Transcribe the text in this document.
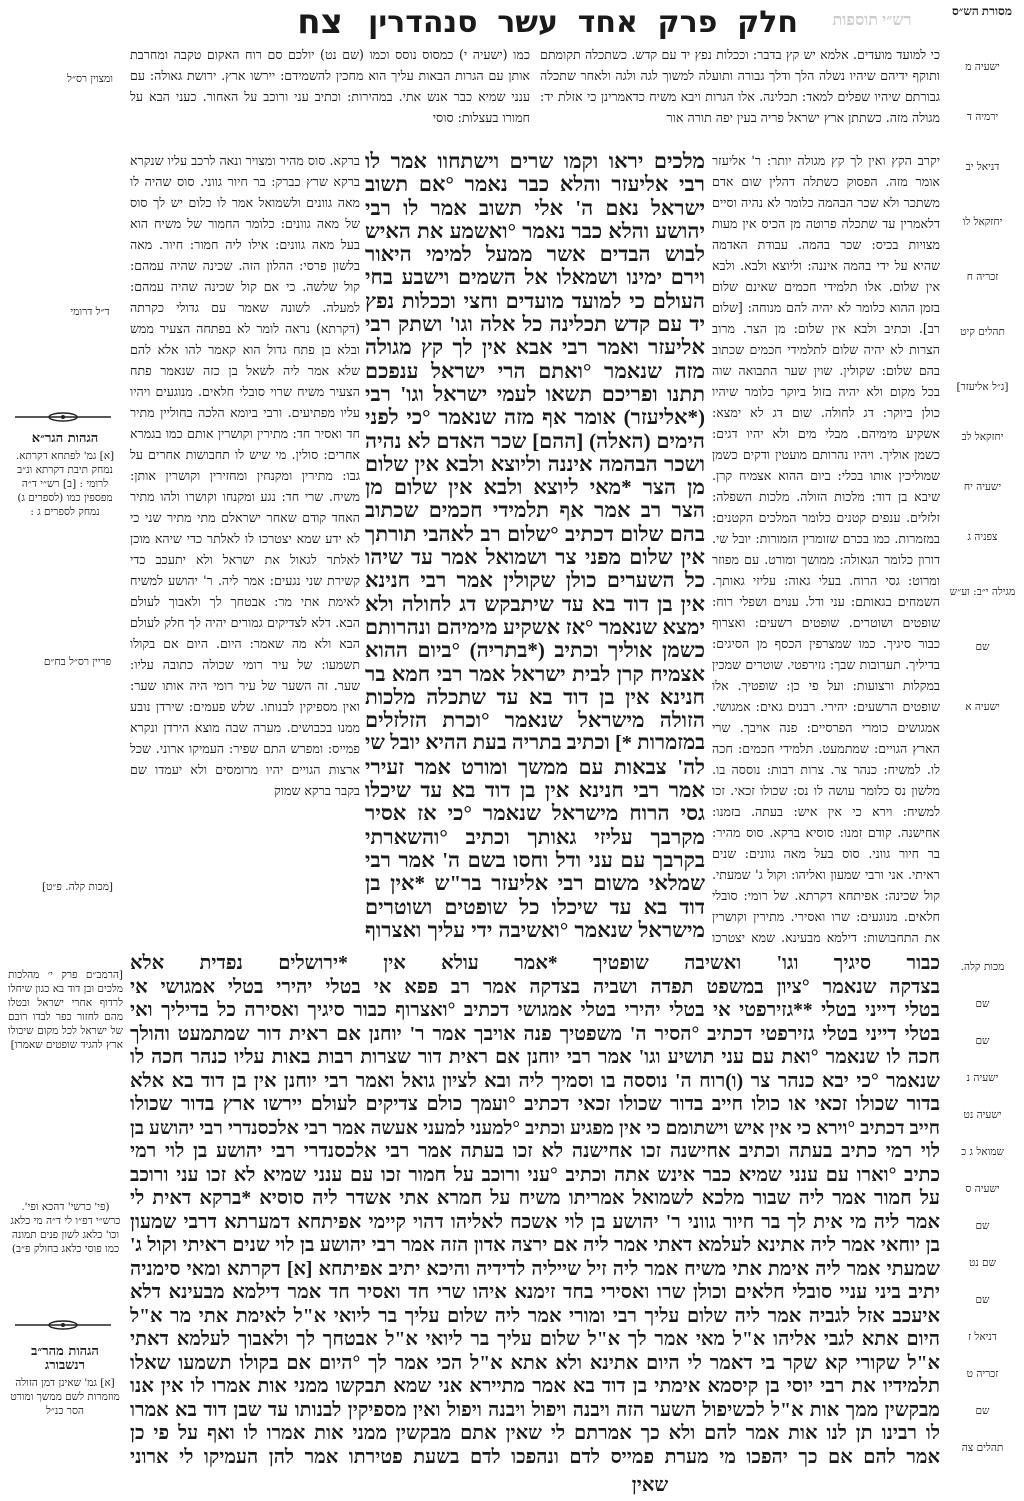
רש״י תוספות
חלק
פרק
אחד
עשר
סנהדרין
צח	מסורת הש״ס
כי למועד מועדים. אלמא יש קץ בדבר: וככלות נפץ יד עם קדש. כשתכלה תקומתם ותוקף ידיהם שיהיו נשלה הלך ודלך גבורה ותועלה למשוך לגה ולגה ולאחר שתכלה גבורתם שיהיו שפלים למאד: תכלינה. אלו הגרות ויבא משיח כדאמרינן כי אזלת יד: מגולה מזה. כשתתן ארץ ישראל פריה בעין יפה תורה אור
יקרב הקץ ואין לך קץ מגולה יותר: ר' אליעזר אומר מזה. הפסוק כשתלה דהלין שום אדם משתכר ולא שכר הבהמה כלומר לא נהיה וסיים דלאמרין עד שתכלה פרוטה מן הכיס אין מעות מצויות בכיס: שכר בהמה. עבודת האדמה שהיא על ידי בהמה איננה: וליוצא ולבא. ולבא אין שלום. אלו תלמידי חכמים שאינם שלום בזמן ההוא כלומר לא יהיה להם מנוחה: [שלום רב]. וכתיב ולבא אין שלום: מן הצר. מרוב הצרות לא יהיה שלום לתלמידי חכמים שכתוב בהם שלום: שקולין. שוין שער התבואה שוה בכל מקום ולא יהיה בזול ביוקר כלומר שיהיו כולן ביוקר: דג לחולה. שום דג לא ימצא: אשקיע מימיהם. מבלי מים ולא יהיו דגים: כשמן אוליך. ויהיו נהרותם מועטין ודקים כשמן שמוליכין אותו בכלי: ביום ההוא אצמיח קרן. שיבא בן דוד: מלכות הזולה. מלכות השפלה: זלזלים. ענפים קטנים כלומר המלכים הקטנים: במזמרות. כמו בכרם שזומרין הזמורות: יובל שי. דורון כלומר הגאולה: ממושך ומורט. עם מפוזר ומרוט: גסי הרוח. בעלי גאוה: עליזי גאותך. השמחים בגאותם: עני ודל. ענוים ושפלי רוח: שופטים ושוטרים. שופטים רשעים: ואצרוף כבור סיגיך. כמו שמצרפין הכסף מן הסיגים: בדיליך. תערובות שבך: גזירפטי. שוטרים שמכין במקלות ורצועות: ועל פי כן: שופטיך. אלו שופטים הרשעים: יהירי. רבנים גאים: אמגושי. אמגושים כומרי הפרסיים: פנה אויבך. שרי הארץ הגויים: שמתמעט. תלמידי חכמים: חכה לו. למשיח: כנהר צר. צרות רבות: נוססה בו. מלשון נס כלומר עושה לו נס: שכולו זכאי. זכו למשיח: וירא כי אין איש: בעתה. בזמנו: אחישנה. קודם זמנו: סוסיא ברקא. סוס מהיר: בר חיור גווני. סוס בעל מאה גוונים: שנים ראיתי. אני ורבי שמעון ואליהו: וקול ג' שמעתי. קול שכינה: אפיתחא דקרתא. של רומי: סובלי חלאים. מנוגעים: שרו ואסירי. מתירין וקושרין את התחבושות: דילמא מבעינא. שמא יצטרכו
כמו (ישעיה י) כמסוס נוסס וכמו (שם נט) יולכם סם רוח האקום טקבה ומחרבת אותן עם הגרות הבאות עליך הוא מחכין להשמידם: יירשו ארץ. ירושת גאולה: עם ענני שמיא כבר אנש אתי. במהירות: וכתיב עני ורוכב על האחור. כעני הבא על חמורו בעצלות: סוסי
ברקא. סוס מהיר ומצויר ונאה לרכב עליו שנקרא ברקא שרץ כברק: בר חיור גווני. סוס שהיה לו מאה גוונים ולשמואל אמר לו כלום יש לך סוס של מאה גוונים: כלומר החמור של משיח הוא בעל מאה גוונים: אילו ליה חמור: חיור. מאה בלשון פרסי: ההלון הזה. שכינה שהיה עמהם: קול שלשה. כי אם קול שכינה שהיה עמהם: למעלה. לשונה שאמר עם גדולי כקרתה (דקרתא) נראה לומר לא בפתחה הצעיר ממש ובלא בן פתח גדול הוא קאמר להו אלא להם שלא אמר ליה לשאל בן כזה שנאמר פתח הצעיר משיח שרוי סובלי חלאים. מנוגעים ויהיו עליו מפתיעים. ורבי ביומא הלכה בחוליין מתיר חד ואסיר חד: מתירין וקושרין אותם כמו בגמרא אחרים: סולין. מי שיש לו תחבושות אחרים על גבו: מתירין ומקנחין ומחזירין וקושרין אותן: משיח. שרי חד: נגע ומקנחו וקושרו ולהו מתיר האחד קודם שאחר ישראלם מתי מתיר שני כי לא ידע שמא יצטרכו לו לאלתר כדי שיהא מוכן לאלתר לגאול את ישראל ולא יתעכב כדי קשירת שני נגעים: אמר ליה. ר' יהושע למשיח לאימת אתי מר: אבטחך לך ולאבוך לעולם הבא. דלא לצדיקים גמורים יהיה לך חלק לעולם הבא ולא מה שאמר: היום. היום אם בקולו תשמעו: של עיר רומי שכולה כתובה עליו: שער. זה השער של עיר רומי היה אותו שער: ואין מספיקין לבנותו. שלש פעמים: שירדן נובע ממנו בכבושים. מערה שבה מוצא הירדן ונקרא פמייס: ומפרש התם שפיר: העמיקו ארוני. שכל ארצות הגויים יהיו מרומסים ולא יעמדו שם בקבר ברקא שמוק
מלכים יראו וקמו שרים וישתחוו אמר לו
רבי אליעזר והלא כבר נאמר °אם תשוב
ישראל נאם ה' אלי תשוב אמר לו רבי
יהושע והלא כבר נאמר °ואשמע את האיש
לבוש הבדים אשר ממעל למימי היאור
וירם ימינו ושמאלו אל השמים וישבע בחי
העולם כי למועד מועדים וחצי וככלות נפץ
יד עם קדש תכלינה כל אלה וגו' ושתק רבי
אליעזר ואמר רבי אבא אין לך קץ מגולה
מזה שנאמר °ואתם הרי ישראל ענפכם
תתנו ופריכם תשאו לעמי ישראל וגו' רבי
(*אליעזר) אומר אף מזה שנאמר °כי לפני
הימים (האלה) [ההם] שכר האדם לא נהיה
ושכר הבהמה איננה וליוצא ולבא אין שלום
מן הצר *מאי ליוצא ולבא אין שלום מן
הצר רב אמר אף תלמידי חכמים שכתוב
בהם שלום דכתיב °שלום רב לאהבי תורתך
אין שלום מפני צר ושמואל אמר עד שיהו
כל השערים כולן שקולין אמר רבי חנינא
אין בן דוד בא עד שיתבקש דג לחולה ולא
ימצא שנאמר °אז אשקיע מימיהם ונהרותם
כשמן אוליך וכתיב (*בתריה) °ביום ההוא
אצמיח קרן לבית ישראל אמר רבי חמא בר
חנינא אין בן דוד בא עד שתכלה מלכות
הזולה מישראל שנאמר °וכרת הזלזלים
במזמרות *] וכתיב בתריה בעת ההיא יובל שי
לה' צבאות עם ממשך ומורט אמר זעירי
אמר רבי חנינא אין בן דוד בא עד שיכלו
גסי הרוח מישראל שנאמר °כי אז אסיר
מקרבך עליזי גאותך וכתיב °והשארתי
בקרבך עם עני ודל וחסו בשם ה' אמר רבי
שמלאי משום רבי אליעזר בר"ש *אין בן
דוד בא עד שיכלו כל שופטים ושוטרים
מישראל שנאמר °ואשיבה ידי עליך ואצרוף
כבור סיגיך וגו' ואשיבה שופטיך *אמר עולא אין *ירושלים נפדית אלא
בצדקה שנאמר °ציון במשפט תפדה ושביה בצדקה אמר רב פפא אי בטלי יהירי בטלי אמגושי אי
בטלי דייני בטלי **גזירפטי אי בטלי יהירי בטלי אמגושי דכתיב °ואצרוף כבור סיגיך ואסירה כל בדיליך ואי
בטלי דייני בטלי גזירפטי דכתיב °הסיר ה' משפטיך פנה אויבך אמר ר' יוחנן אם ראית דור שמתמעט והולך
חכה לו שנאמר °ואת עם עני תושיע וגו' אמר רבי יוחנן אם ראית דור שצרות רבות באות עליו כנהר חכה לו
שנאמר °כי יבא כנהר צר (ו)רוח ה' נוססה בו וסמיך ליה ובא לציון גואל ואמר רבי יוחנן אין בן דוד בא אלא
בדור שכולו זכאי או כולו חייב בדור שכולו זכאי דכתיב °ועמך כולם צדיקים לעולם יירשו ארץ בדור שכולו
חייב דכתיב °וירא כי אין איש וישתומם כי אין מפגיע וכתיב °למעני למעני אעשה אמר רבי אלכסנדרי רבי יהושע בן
לוי רמי כתיב בעתה וכתיב אחישנה זכו אחישנה לא זכו בעתה אמר רבי אלכסנדרי רבי יהושע בן לוי רמי
כתיב °וארו עם ענני שמיא כבר אינש אתה וכתיב °עני ורוכב על חמור זכו עם ענני שמיא לא זכו עני ורוכב
על חמור אמר ליה שבור מלכא לשמואל אמריתו משיח על חמרא אתי אשדר ליה סוסיא *ברקא דאית לי
אמר ליה מי אית לך בר חיור גווני ר' יהושע בן לוי אשכח לאליהו דהוי קיימי אפיתחא דמערתא דרבי שמעון
בן יוחאי אמר ליה אתינא לעלמא דאתי אמר ליה אם ירצה אדון הזה אמר רבי יהושע בן לוי שנים ראיתי וקול ג'
שמעתי אמר ליה אימת אתי משיח אמר ליה זיל שייליה לדידיה והיכא יתיב אפיתחא [א] דקרתא ומאי סימניה
יתיב ביני עניי סובלי חלאים וכולן שרו ואסירי בחד זימנא איהו שרי חד ואסיר חד אמר דילמא מבעינא דלא
איעכב אזל לגביה אמר ליה שלום עליך רבי ומורי אמר ליה שלום עליך בר ליואי א"ל לאימת אתי מר א"ל
היום אתא לגבי אליהו א"ל מאי אמר לך א"ל שלום עליך בר ליואי א"ל אבטחך לך ולאבוך לעלמא דאתי
א"ל שקורי קא שקר בי דאמר לי היום אתינא ולא אתא א"ל הכי אמר לך °היום אם בקולו תשמעו שאלו
תלמידיו את רבי יוסי בן קיסמא אימתי בן דוד בא אמר מתיירא אני שמא תבקשו ממני אות אמרו לו אין אנו
מבקשין ממך אות א"ל לכשיפול השער הזה ויבנה ויפול ויבנה ויפול ואין מספיקין לבנותו עד שבן דוד בא אמרו
לו רבינו תן לנו אות אמר להם ולא כך אמרתם לי שאין אתם מבקשין ממני אות אמרו לו ואף על פי כן
אמר להם אם כך יהפכו מי מערת פמייס לדם ונהפכו לדם בשעת פטירתו אמר להן העמיקו לי ארוני
שאין
ומצוין רס״ל
ד״ל דרומי
הגהות הגר״א
[א] גמ' לפתחא דקרתא. נמחק תיבת דקרתא ונ״ב לרומי : [ב] רש״י ד״ה מפספין כמו (לספרים ג) נמחק לספרים ג :
פריין רס״ל בח״ם
[מכות קלה. פ״ט]
[הרמב״ם פרק י׳ מהלכות מלכים ובן דוד בא כגון שיחלו לרדוף אחרי ישראל ובטלו מהם לחזור כפר לבדו רובם של ישראל לכל מקום שיכולו ארץ להגיד שופטים שאמרו]
(פי' כרשי' דהכא ופי'. כרש״י דפ״ו לי ד״ה מי כלאג וכו' כלאג לשון פנים תמונה כמו פוסי כלאג בחולק פ״ב)
הגהות מהר״ב רנשבורג
[א] גמ' שאינן דמן הזולה מוזמרות לשם ממשך ומורט הסר כנ״ל
[ג״ל אליעזר]
מגילה י״ב: וע״ש
ישעיה מ
ירמיה ד
דניאל יב
יחזקאל לו
זכריה ח
תהלים קיט
יחזקאל לב
ישעיה יח
צפניה ג
שם
ישעיה א
מכות קלה.
שם
שם
ישעיה נ
ישעיה נט
שמואל ג כ
ישעיה ס
שם
שם נט
שם
דניאל ז
זכריה ט
שם
תהלים צה
